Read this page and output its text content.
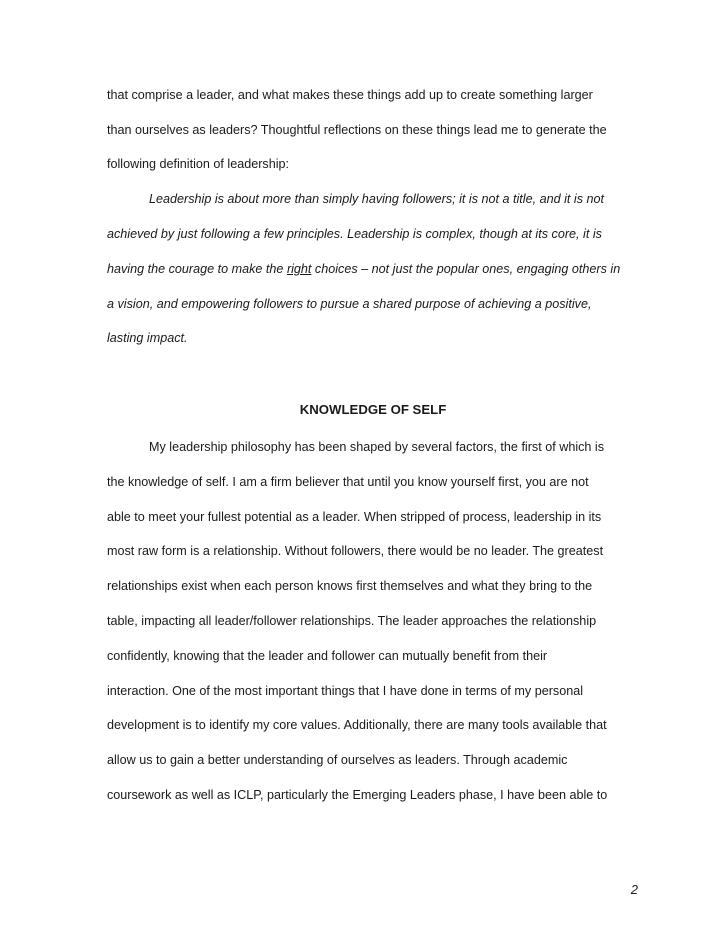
that comprise a leader, and what makes these things add up to create something larger
than ourselves as leaders? Thoughtful reflections on these things lead me to generate the
following definition of leadership:
Leadership is about more than simply having followers; it is not a title, and it is not
achieved by just following a few principles. Leadership is complex, though at its core, it is
having the courage to make the right choices – not just the popular ones, engaging others in
a vision, and empowering followers to pursue a shared purpose of achieving a positive,
lasting impact.
KNOWLEDGE OF SELF
My leadership philosophy has been shaped by several factors, the first of which is
the knowledge of self. I am a firm believer that until you know yourself first, you are not
able to meet your fullest potential as a leader. When stripped of process, leadership in its
most raw form is a relationship. Without followers, there would be no leader. The greatest
relationships exist when each person knows first themselves and what they bring to the
table, impacting all leader/follower relationships. The leader approaches the relationship
confidently, knowing that the leader and follower can mutually benefit from their
interaction. One of the most important things that I have done in terms of my personal
development is to identify my core values. Additionally, there are many tools available that
allow us to gain a better understanding of ourselves as leaders. Through academic
coursework as well as ICLP, particularly the Emerging Leaders phase, I have been able to
2
